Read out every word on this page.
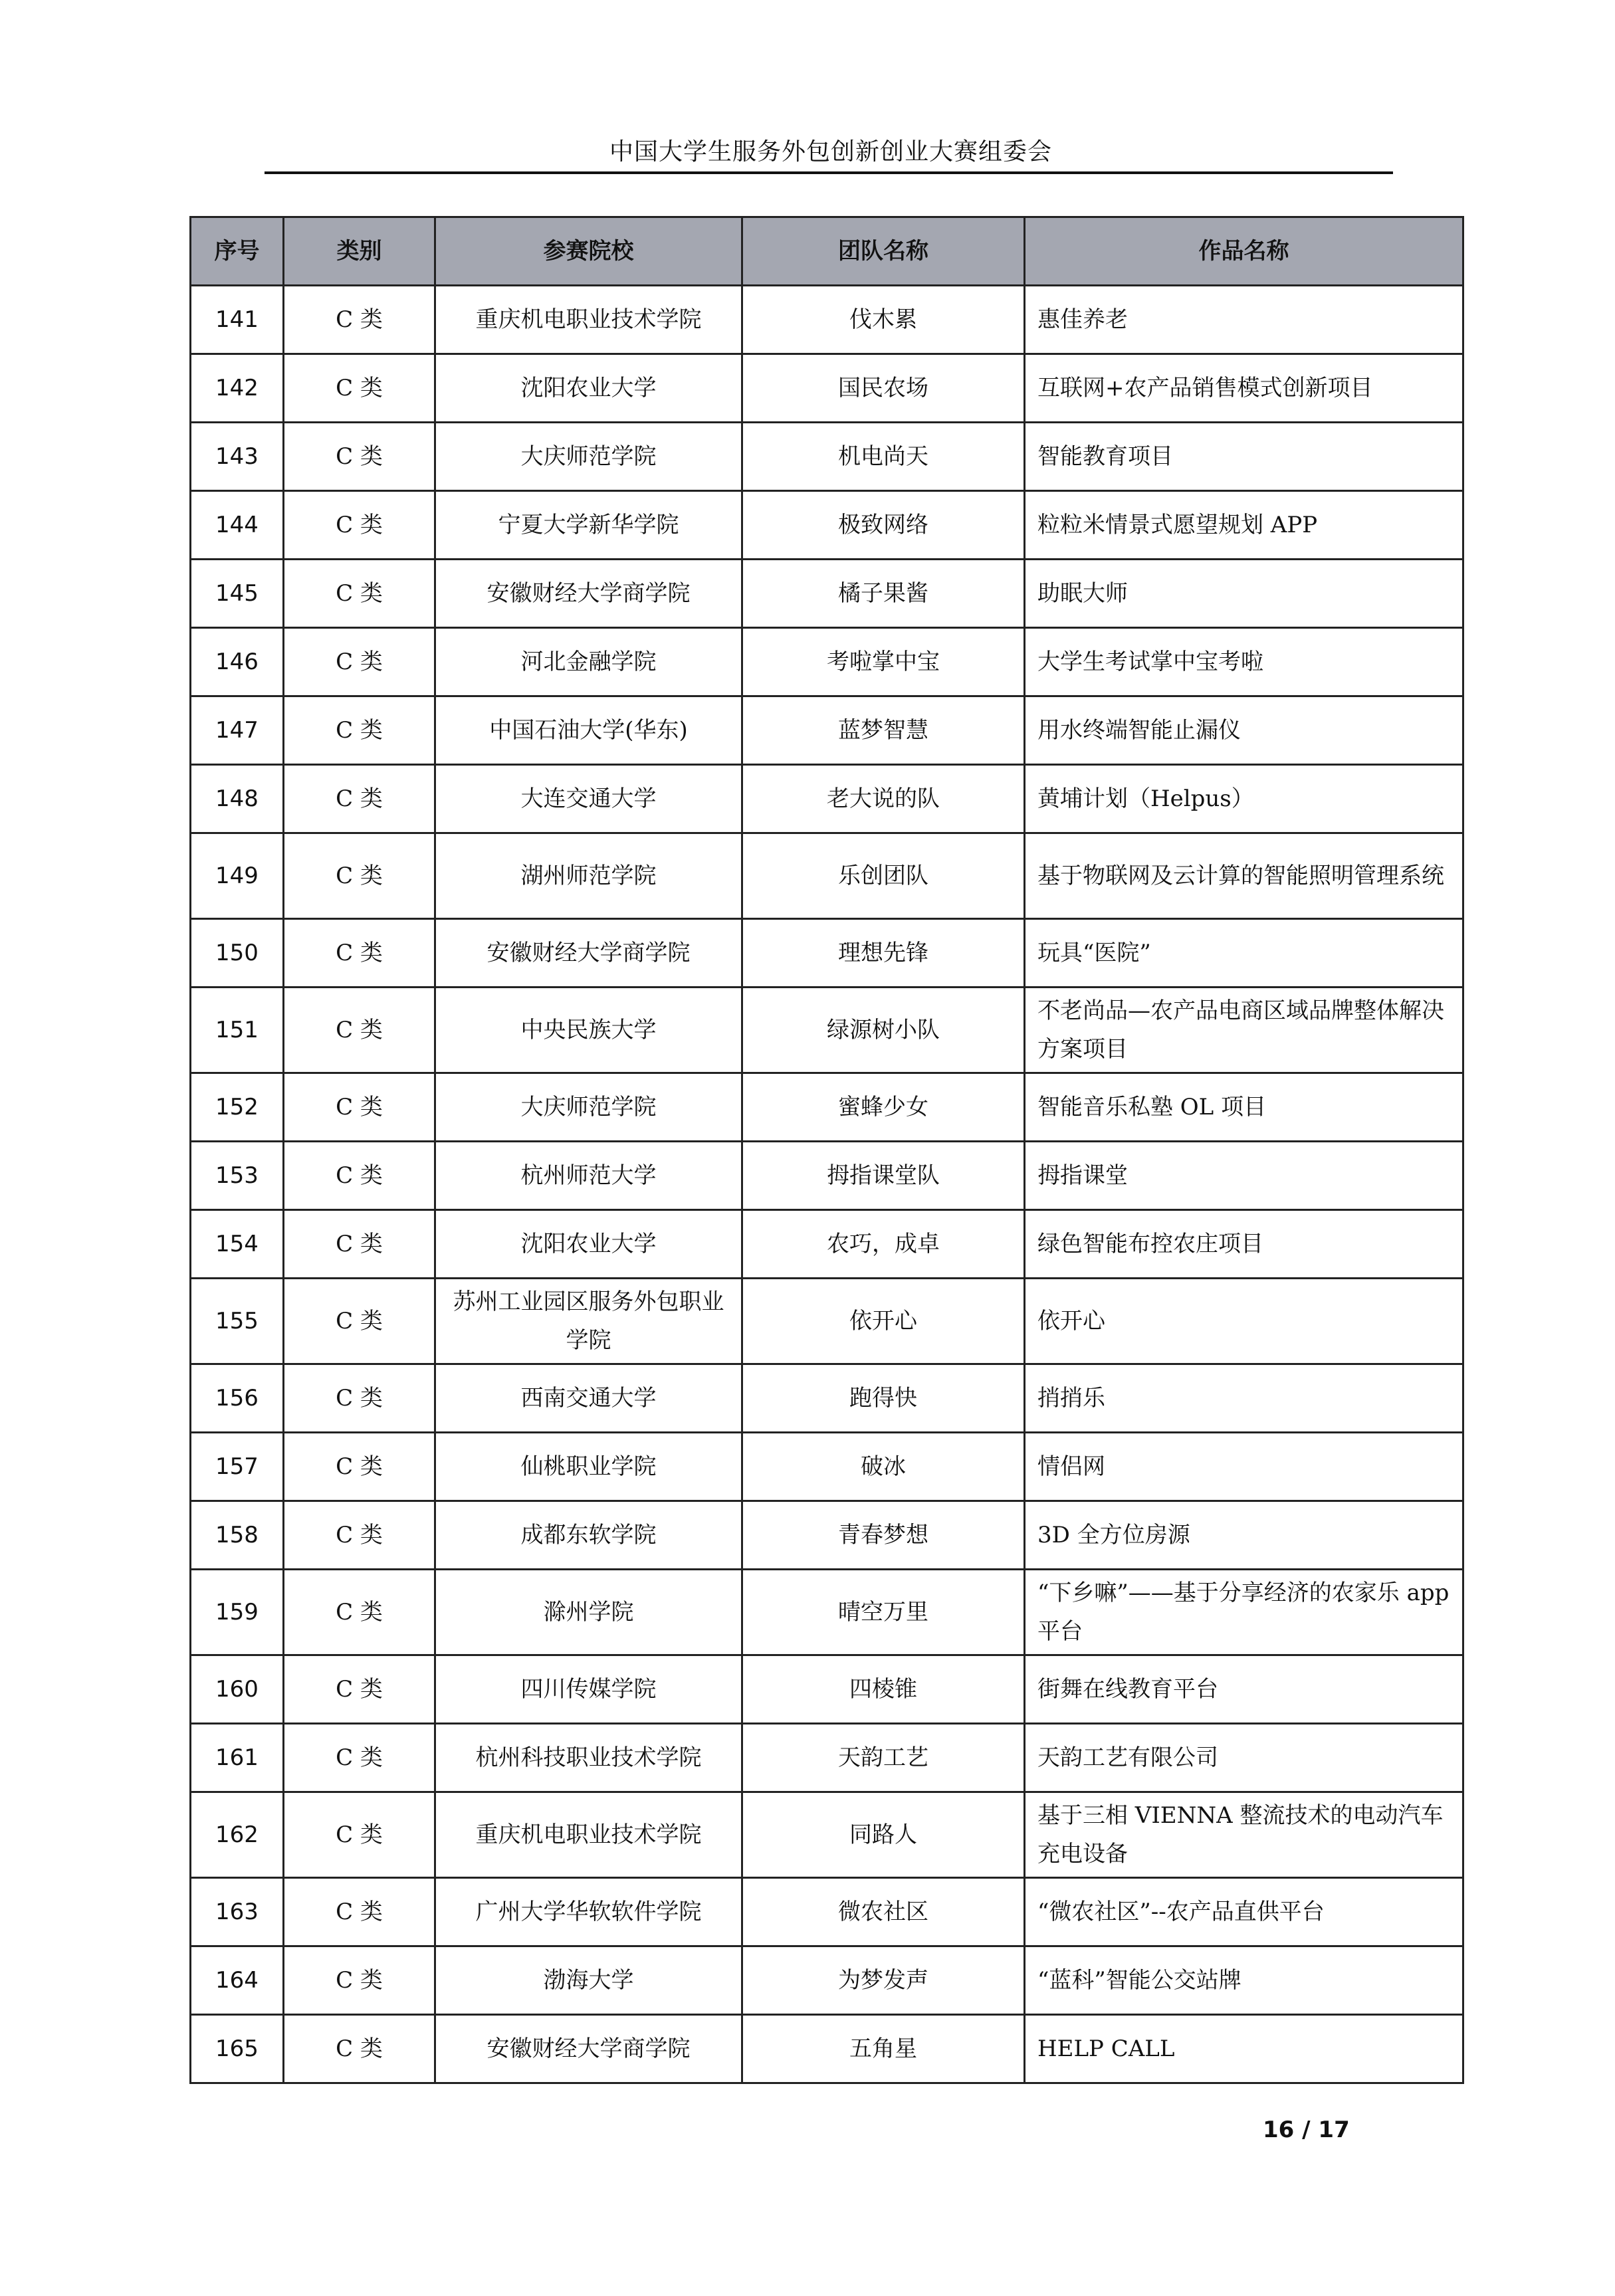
中国大学生服务外包创新创业大赛组委会
序号	类别	参赛院校	团队名称	作品名称
141	C 类	重庆机电职业技术学院	伐木累	惠佳养老
142	C 类	沈阳农业大学	国民农场	互联网+农产品销售模式创新项目
143	C 类	大庆师范学院	机电尚天	智能教育项目
144	C 类	宁夏大学新华学院	极致网络	粒粒米情景式愿望规划 APP
145	C 类	安徽财经大学商学院	橘子果酱	助眠大师
146	C 类	河北金融学院	考啦掌中宝	大学生考试掌中宝考啦
147	C 类	中国石油大学(华东)	蓝梦智慧	用水终端智能止漏仪
148	C 类	大连交通大学	老大说的队	黄埔计划（Helpus）
149	C 类	湖州师范学院	乐创团队	基于物联网及云计算的智能照明管理系统
150	C 类	安徽财经大学商学院	理想先锋	玩具“医院”
151	C 类	中央民族大学	绿源树小队	不老尚品—农产品电商区域品牌整体解决方案项目
152	C 类	大庆师范学院	蜜蜂少女	智能音乐私塾 OL 项目
153	C 类	杭州师范大学	拇指课堂队	拇指课堂
154	C 类	沈阳农业大学	农巧，成卓	绿色智能布控农庄项目
155	C 类	苏州工业园区服务外包职业学院	依开心	依开心
156	C 类	西南交通大学	跑得快	捎捎乐
157	C 类	仙桃职业学院	破冰	情侣网
158	C 类	成都东软学院	青春梦想	3D 全方位房源
159	C 类	滁州学院	晴空万里	“下乡嘛”——基于分享经济的农家乐 app 平台
160	C 类	四川传媒学院	四棱锥	街舞在线教育平台
161	C 类	杭州科技职业技术学院	天韵工艺	天韵工艺有限公司
162	C 类	重庆机电职业技术学院	同路人	基于三相 VIENNA 整流技术的电动汽车充电设备
163	C 类	广州大学华软软件学院	微农社区	“微农社区”--农产品直供平台
164	C 类	渤海大学	为梦发声	“蓝科”智能公交站牌
165	C 类	安徽财经大学商学院	五角星	HELP CALL
16 / 17
